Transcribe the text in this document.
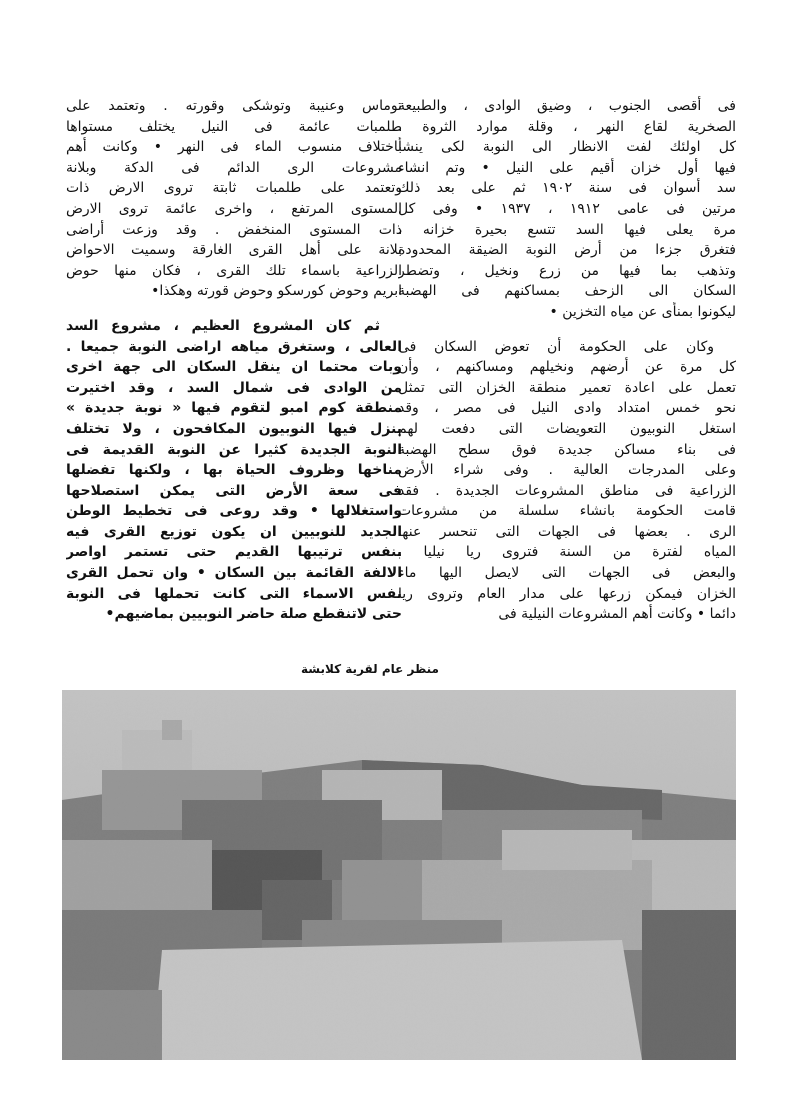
فى أقصى الجنوب ، وضيق الوادى ، والطبيعة
الصخرية لقاع النهر ، وقلة موارد الثروة .
كل اولئك لفت الانظار الى النوبة لكى ينشأ
فيها أول خزان أقيم على النيل • وتم انشاء
سد أسوان فى سنة ١٩٠٢ ثم على بعد ذلك
مرتين فى عامى ١٩١٢ ، ١٩٣٧ • وفى كل
مرة يعلى فيها السد تتسع بحيرة خزانه ،
فتغرق جزءا من أرض النوبة الضيقة المحدودة
وتذهب بما فيها من زرع ونخيل ، وتضطر
السكان الى الزحف بمساكنهم فى الهضبة
ليكونوا بمنأى عن مياه التخزين •
وكان على الحكومة أن تعوض السكان فى
كل مرة عن أرضهم ونخيلهم ومساكنهم ، وأن
تعمل على اعادة تعمير منطقة الخزان التى تمثل
نحو خمس امتداد وادى النيل فى مصر ، وقد
استغل النوبيون التعويضات التى دفعت لهم
فى بناء مساكن جديدة فوق سطح الهضبة
وعلى المدرجات العالية . وفى شراء الأرض
الزراعية فى مناطق المشروعات الجديدة . فقد
قامت الحكومة بانشاء سلسلة من مشروعات
الرى . بعضها فى الجهات التى تنحسر عنها
المياه لفترة من السنة فتروى ريا نيليا .
والبعض فى الجهات التى لايصل اليها ماء
الخزان فيمكن زرعها على مدار العام وتروى ريا
دائما • وكانت أهم المشروعات النيلية فى
توماس وعنيبة وتوشكى وقورته . وتعتمد على
طلمبات عائمة فى النيل يختلف مستواها
باختلاف منسوب الماء فى النهر • وكانت أهم
مشروعات الرى الدائم فى الدكة وبلانة
وتعتمد على طلمبات ثابتة تروى الارض ذات
المستوى المرتفع ، واخرى عائمة تروى الارض
ذات المستوى المنخفض . وقد وزعت أراضى
بلانة على أهل القرى الغارقة وسميت الاحواض
الزراعية باسماء تلك القرى ، فكان منها حوض
ابريم وحوض كورسكو وحوض قورته وهكذا•
ثم كان المشروع العظيم ، مشروع السد
العالى ، وستغرق مياهه اراضى النوبة جميعا .
وبات محتما ان ينقل السكان الى جهة اخرى
من الوادى فى شمال السد ، وقد اختيرت
منطقة كوم امبو لتقوم فيها « نوبة جديدة »
ينزل فيها النوبيون المكافحون ، ولا تختلف
النوبة الجديدة كثيرا عن النوبة القديمة فى
مناخها وظروف الحياة بها ، ولكنها تفضلها
فى سعة الأرض التى يمكن استصلاحها
واستغلالها • وقد روعى فى تخطيط الوطن
الجديد للنوبيين ان يكون توزيع القرى فيه
بنفس ترتيبها القديم حتى تستمر اواصر
الالفة القائمة بين السكان • وان تحمل القرى
نفس الاسماء التى كانت تحملها فى النوبة
حتى لاتنقطع صلة حاضر النوبيين بماضيهم•
منظر عام لقرية كلابشة
